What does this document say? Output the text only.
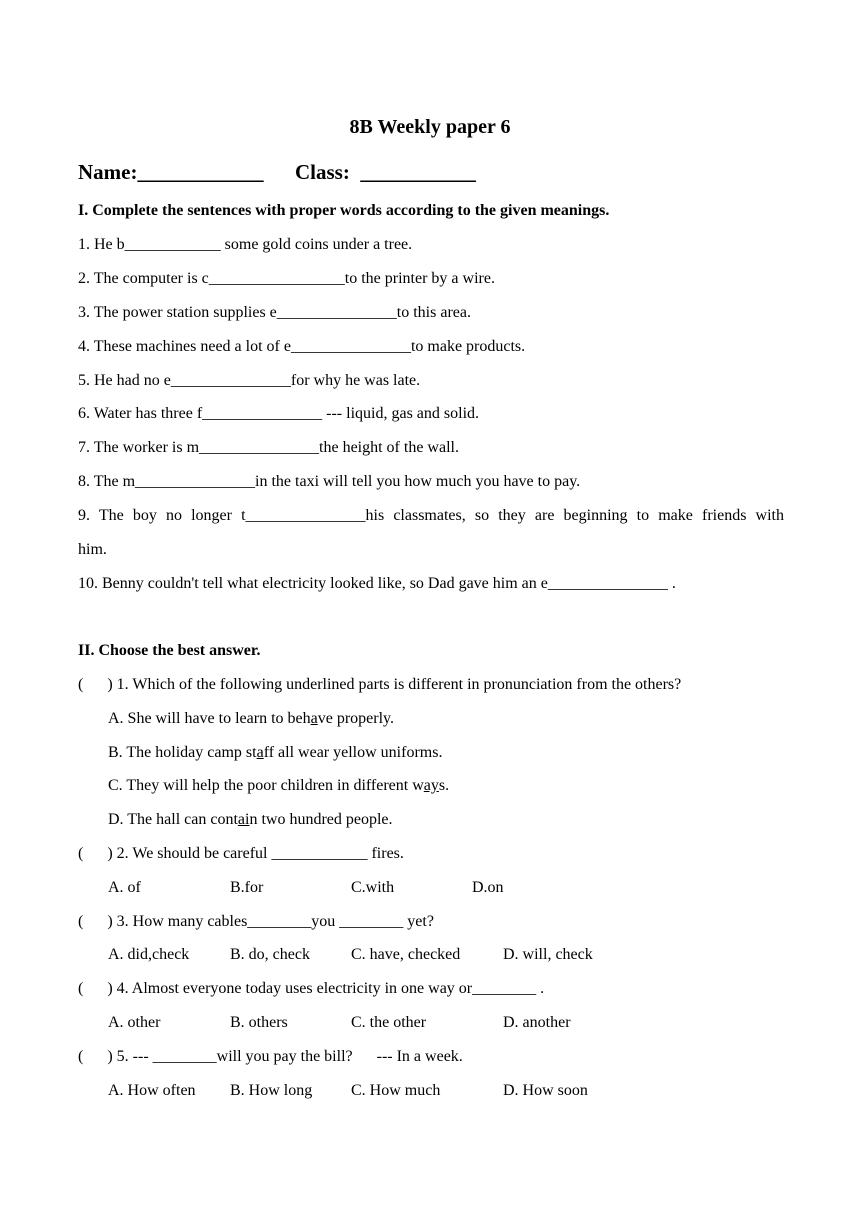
8B Weekly paper 6
Name:____________ Class: ___________
I. Complete the sentences with proper words according to the given meanings.
1. He b____________ some gold coins under a tree.
2. The computer is c_________________to the printer by a wire.
3. The power station supplies e_______________to this area.
4. These machines need a lot of e_______________to make products.
5. He had no e_______________for why he was late.
6. Water has three f_______________ --- liquid, gas and solid.
7. The worker is m_______________the height of the wall.
8. The m_______________in the taxi will tell you how much you have to pay.
9. The boy no longer t_______________his classmates, so they are beginning to make friends with
him.
10. Benny couldn't tell what electricity looked like, so Dad gave him an e_______________ .
II. Choose the best answer.
(      ) 1. Which of the following underlined parts is different in pronunciation from the others?
A. She will have to learn to behave properly.
B. The holiday camp staff all wear yellow uniforms.
C. They will help the poor children in different ways.
D. The hall can contain two hundred people.
(      ) 2. We should be careful ____________ fires.
A. of	B.for	C.with	D.on
(      ) 3. How many cables________you ________ yet?
A. did,check	B. do, check	C. have, checked	D. will, check
(      ) 4. Almost everyone today uses electricity in one way or________ .
A. other	B. others	C. the other	D. another
(      ) 5. --- ________will you pay the bill?      --- In a week.
A. How often B. How long C. How much	D. How soon
